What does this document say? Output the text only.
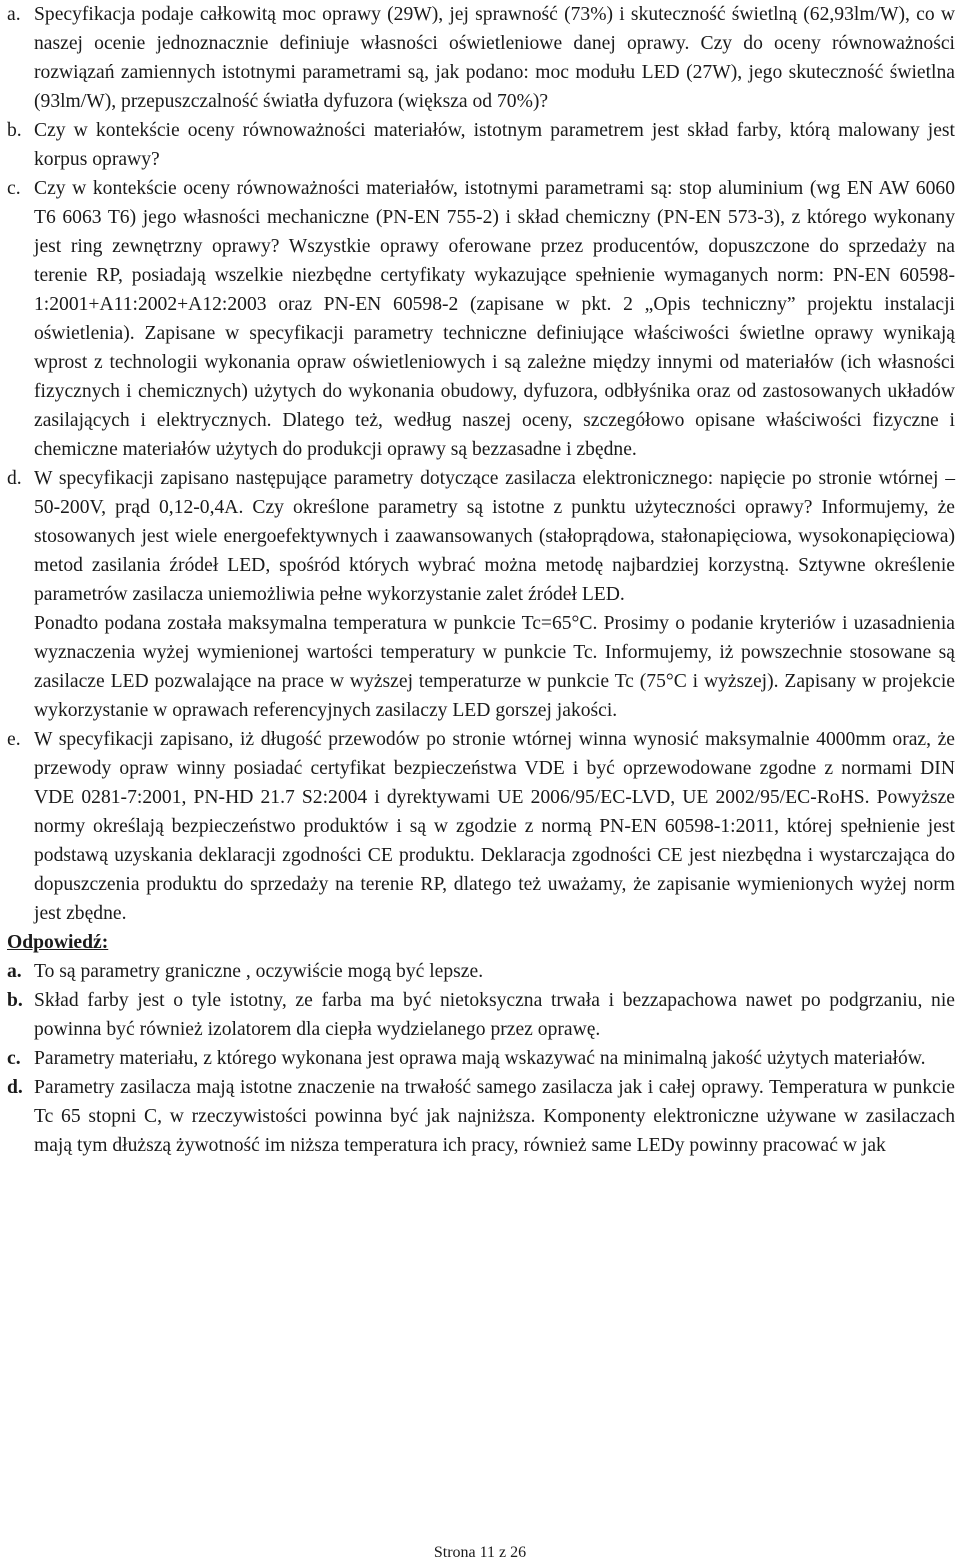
a. Specyfikacja podaje całkowitą moc oprawy (29W), jej sprawność (73%) i skuteczność świetlną (62,93lm/W), co w naszej ocenie jednoznacznie definiuje własności oświetleniowe danej oprawy. Czy do oceny równoważności rozwiązań zamiennych istotnymi parametrami są, jak podano: moc modułu LED (27W), jego skuteczność świetlna (93lm/W), przepuszczalność światła dyfuzora (większa od 70%)?

b. Czy w kontekście oceny równoważności materiałów, istotnym parametrem jest skład farby, którą malowany jest korpus oprawy?

c. Czy w kontekście oceny równoważności materiałów, istotnymi parametrami są: stop aluminium (wg EN AW 6060 T6 6063 T6) jego własności mechaniczne (PN-EN 755-2) i skład chemiczny (PN-EN 573-3), z którego wykonany jest ring zewnętrzny oprawy? Wszystkie oprawy oferowane przez producentów, dopuszczone do sprzedaży na terenie RP, posiadają wszelkie niezbędne certyfikaty wykazujące spełnienie wymaganych norm: PN-EN 60598-1:2001+A11:2002+A12:2003 oraz PN-EN 60598-2 (zapisane w pkt. 2 „Opis techniczny” projektu instalacji oświetlenia). Zapisane w specyfikacji parametry techniczne definiujące właściwości świetlne oprawy wynikają wprost z technologii wykonania opraw oświetleniowych i są zależne między innymi od materiałów (ich własności fizycznych i chemicznych) użytych do wykonania obudowy, dyfuzora, odbłyśnika oraz od zastosowanych układów zasilających i elektrycznych. Dlatego też, według naszej oceny, szczegółowo opisane właściwości fizyczne i chemiczne materiałów użytych do produkcji oprawy są bezzasadne i zbędne.

d. W specyfikacji zapisano następujące parametry dotyczące zasilacza elektronicznego: napięcie po stronie wtórnej – 50-200V, prąd 0,12-0,4A. Czy określone parametry są istotne z punktu użyteczności oprawy? Informujemy, że stosowanych jest wiele energoefektywnych i zaawansowanych (stałoprądowa, stałonapięciowa, wysokonapięciowa) metod zasilania źródeł LED, spośród których wybrać można metodę najbardziej korzystną. Sztywne określenie parametrów zasilacza uniemożliwia pełne wykorzystanie zalet źródeł LED.

Ponadto podana została maksymalna temperatura w punkcie Tc=65°C. Prosimy o podanie kryteriów i uzasadnienia wyznaczenia wyżej wymienionej wartości temperatury w punkcie Tc. Informujemy, iż powszechnie stosowane są zasilacze LED pozwalające na prace w wyższej temperaturze w punkcie Tc (75°C i wyższej). Zapisany w projekcie wykorzystanie w oprawach referencyjnych zasilaczy LED gorszej jakości.

e. W specyfikacji zapisano, iż długość przewodów po stronie wtórnej winna wynosić maksymalnie 4000mm oraz, że przewody opraw winny posiadać certyfikat bezpieczeństwa VDE i być oprzewodowane zgodne z normami DIN VDE 0281-7:2001, PN-HD 21.7 S2:2004 i dyrektywami UE 2006/95/EC-LVD, UE 2002/95/EC-RoHS. Powyższe normy określają bezpieczeństwo produktów i są w zgodzie z normą PN-EN 60598-1:2011, której spełnienie jest podstawą uzyskania deklaracji zgodności CE produktu. Deklaracja zgodności CE jest niezbędna i wystarczająca do dopuszczenia produktu do sprzedaży na terenie RP, dlatego też uważamy, że zapisanie wymienionych wyżej norm jest zbędne.

Odpowiedź:
a. To są parametry graniczne , oczywiście mogą być lepsze.

b. Skład farby jest o tyle istotny, ze farba ma być nietoksyczna trwała i bezzapachowa nawet po podgrzaniu, nie powinna być również izolatorem dla ciepła wydzielanego przez oprawę.

c. Parametry materiału, z którego wykonana jest oprawa mają wskazywać na minimalną jakość użytych materiałów.

d. Parametry zasilacza mają istotne znaczenie na trwałość samego zasilacza jak i całej oprawy. Temperatura w punkcie Tc 65 stopni C, w rzeczywistości powinna być jak najniższa. Komponenty elektroniczne używane w zasilaczach mają tym dłuższą żywotność im niższa temperatura ich pracy, również same LEDy powinny pracować w jak

Strona 11 z 26
